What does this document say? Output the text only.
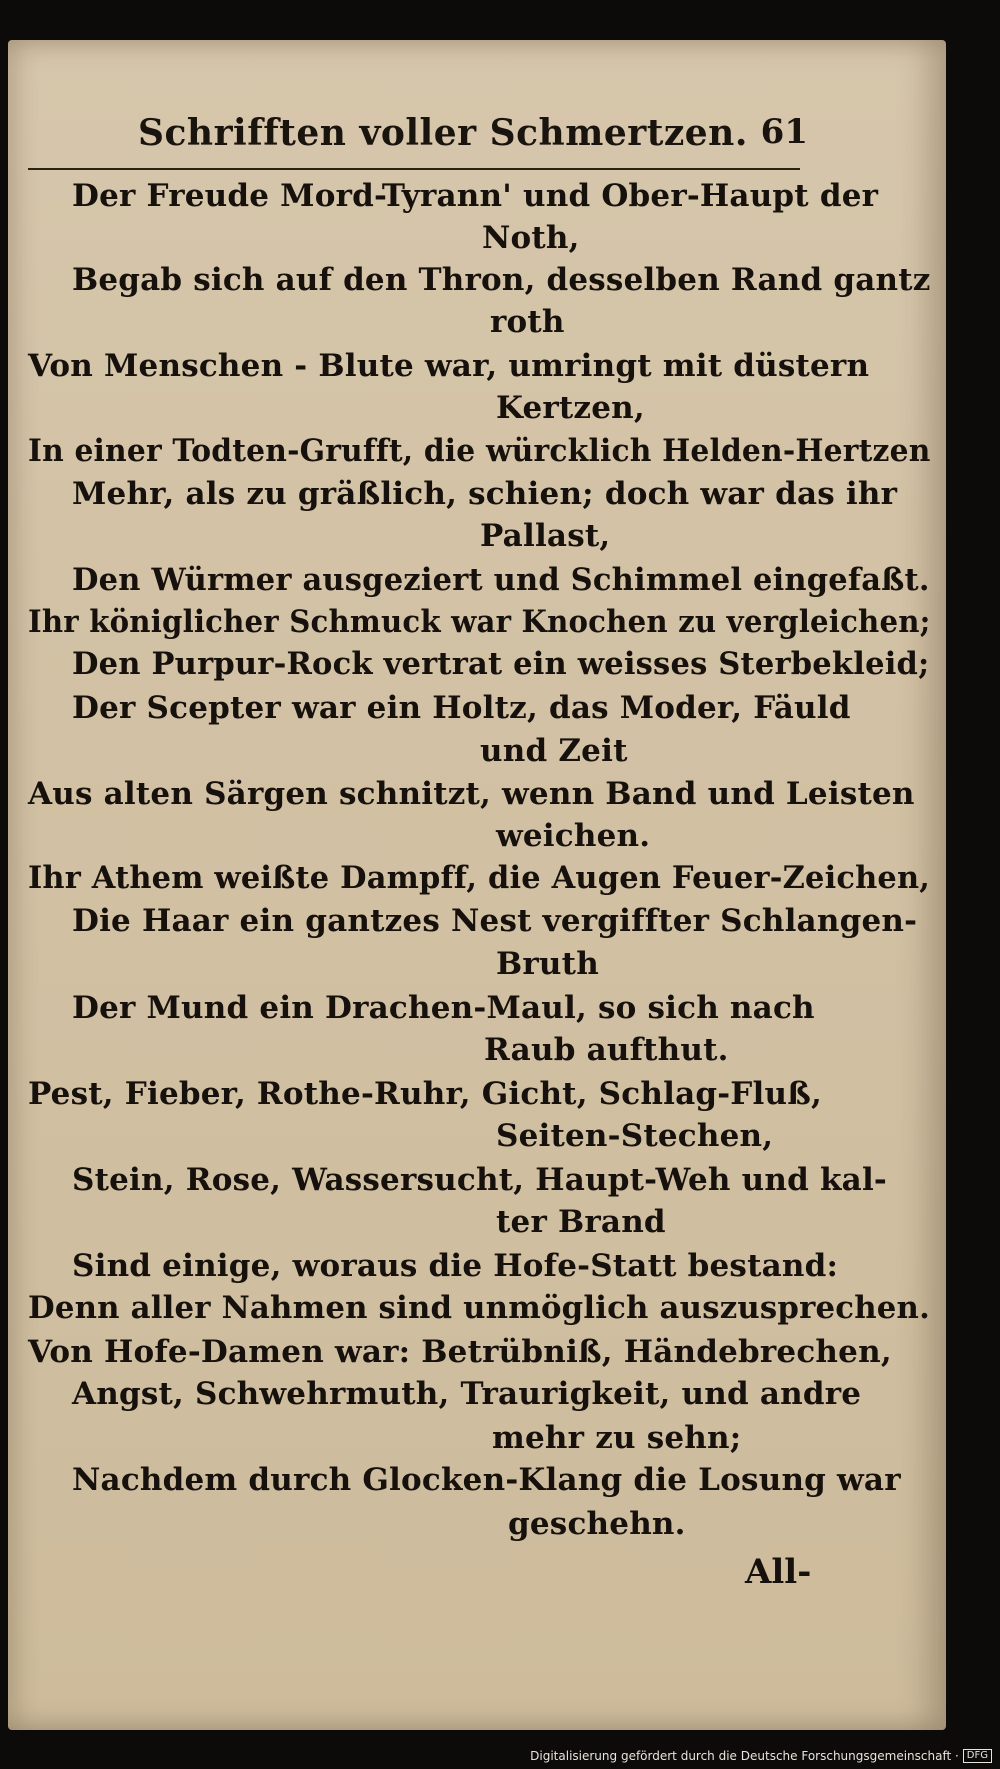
Schrifften voller Schmertzen. 61
Der Freude Mord-Tyrann' und Ober-Haupt der
Noth,
Begab sich auf den Thron, desselben Rand gantz
roth
Von Menschen - Blute war, umringt mit düstern
Kertzen,
In einer Todten-Grufft, die würcklich Helden-Hertzen
Mehr, als zu gräßlich, schien; doch war das ihr
Pallast,
Den Würmer ausgeziert und Schimmel eingefaßt.
Ihr königlicher Schmuck war Knochen zu vergleichen;
Den Purpur-Rock vertrat ein weisses Sterbekleid;
Der Scepter war ein Holtz, das Moder, Fäuld
und Zeit
Aus alten Särgen schnitzt, wenn Band und Leisten
weichen.
Ihr Athem weißte Dampff, die Augen Feuer-Zeichen,
Die Haar ein gantzes Nest vergiffter Schlangen-
Bruth
Der Mund ein Drachen-Maul, so sich nach
Raub aufthut.
Pest, Fieber, Rothe-Ruhr, Gicht, Schlag-Fluß,
Seiten-Stechen,
Stein, Rose, Wassersucht, Haupt-Weh und kal-
ter Brand
Sind einige, woraus die Hofe-Statt bestand:
Denn aller Nahmen sind unmöglich auszusprechen.
Von Hofe-Damen war: Betrübniß, Händebrechen,
Angst, Schwehrmuth, Traurigkeit, und andre
mehr zu sehn;
Nachdem durch Glocken-Klang die Losung war
geschehn.
All-
Digitalisierung gefördert durch die Deutsche Forschungsgemeinschaft · DFG
